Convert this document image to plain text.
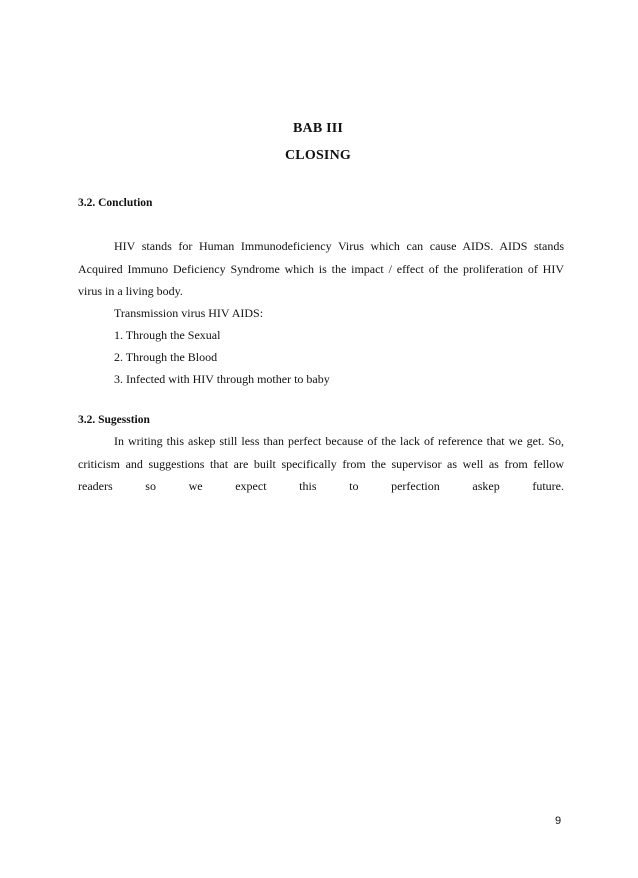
BAB III
CLOSING
3.2. Conclution

HIV stands for Human Immunodeficiency Virus which can cause AIDS. AIDS stands Acquired Immuno Deficiency Syndrome which is the impact / effect of the proliferation of HIV virus in a living body.

Transmission virus HIV AIDS:
1. Through the Sexual
2. Through the Blood
3. Infected with HIV through mother to baby
3.2. Sugesstion

In writing this askep still less than perfect because of the lack of reference that we get. So, criticism and suggestions that are built specifically from the supervisor as well as from fellow readers so we expect this to perfection askep future.

9
